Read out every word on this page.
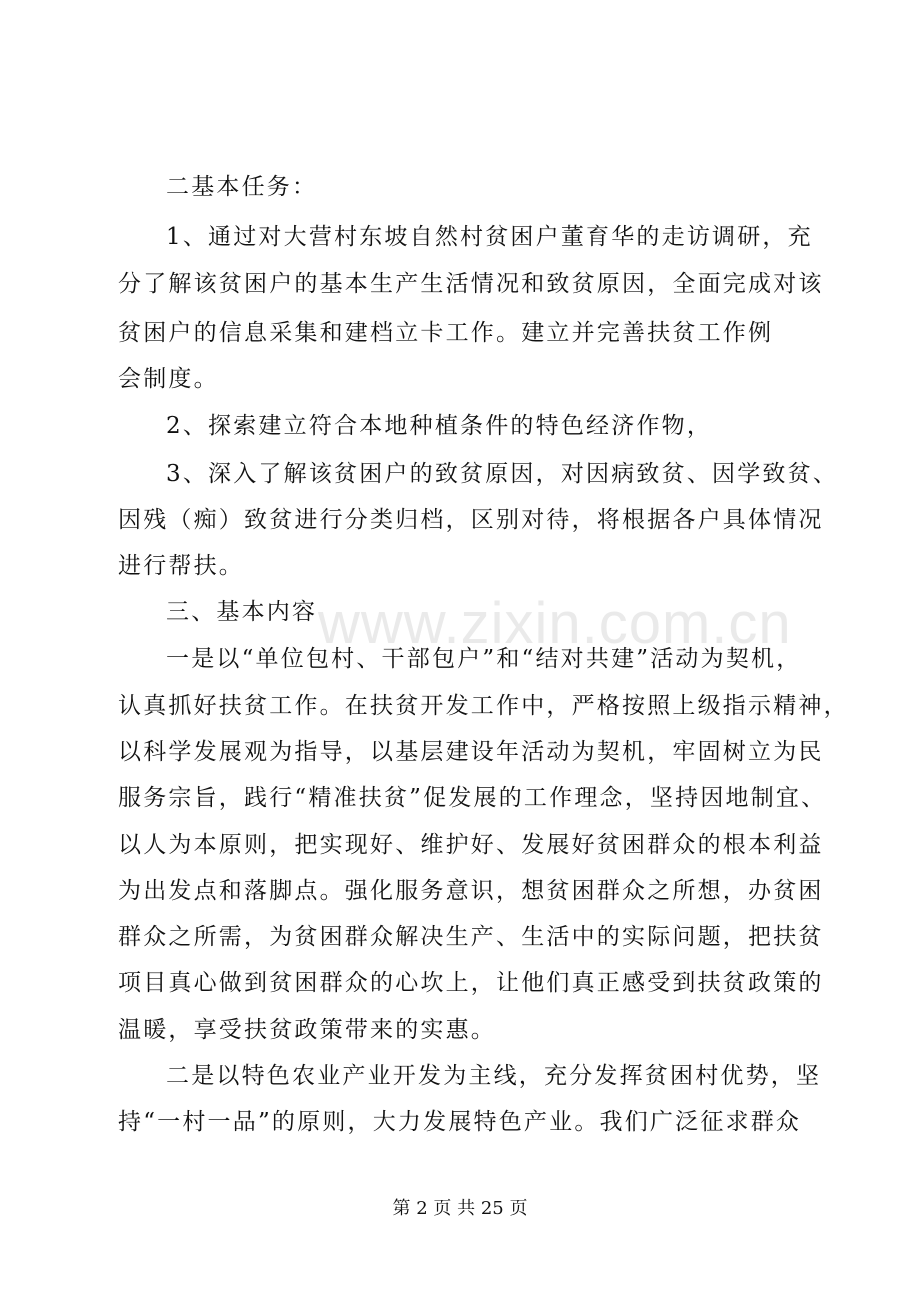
www.zixin.com.cn
二基本任务：
1、通过对大营村东坡自然村贫困户董育华的走访调研，充
分了解该贫困户的基本生产生活情况和致贫原因，全面完成对该
贫困户的信息采集和建档立卡工作。建立并完善扶贫工作例
会制度。
2、探索建立符合本地种植条件的特色经济作物，
3、深入了解该贫困户的致贫原因，对因病致贫、因学致贫、
因残（痴）致贫进行分类归档，区别对待，将根据各户具体情况
进行帮扶。
三、基本内容
一是以“单位包村、干部包户”和“结对共建”活动为契机，
认真抓好扶贫工作。在扶贫开发工作中，严格按照上级指示精神，
以科学发展观为指导，以基层建设年活动为契机，牢固树立为民
服务宗旨，践行“精准扶贫”促发展的工作理念，坚持因地制宜、
以人为本原则，把实现好、维护好、发展好贫困群众的根本利益
为出发点和落脚点。强化服务意识，想贫困群众之所想，办贫困
群众之所需，为贫困群众解决生产、生活中的实际问题，把扶贫
项目真心做到贫困群众的心坎上，让他们真正感受到扶贫政策的
温暖，享受扶贫政策带来的实惠。
二是以特色农业产业开发为主线，充分发挥贫困村优势，坚
持“一村一品”的原则，大力发展特色产业。我们广泛征求群众
第 2 页 共 25 页
